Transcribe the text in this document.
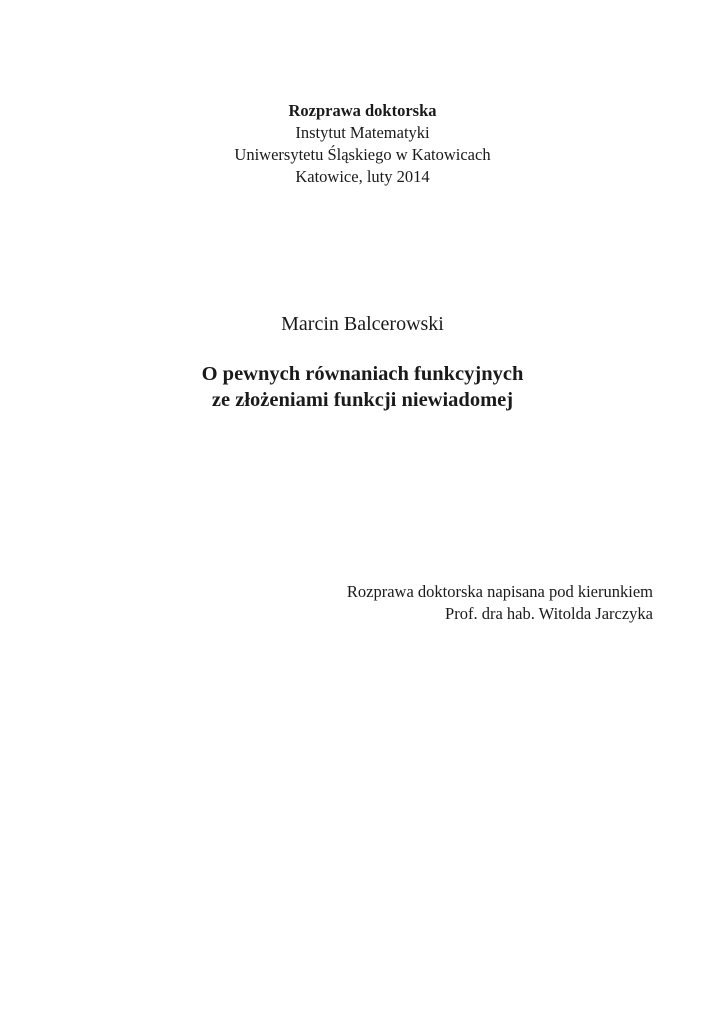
Rozprawa doktorska
Instytut Matematyki
Uniwersytetu Śląskiego w Katowicach
Katowice, luty 2014
Marcin Balcerowski
O pewnych równaniach funkcyjnych
ze złożeniami funkcji niewiadomej
Rozprawa doktorska napisana pod kierunkiem
Prof. dra hab. Witolda Jarczyka
